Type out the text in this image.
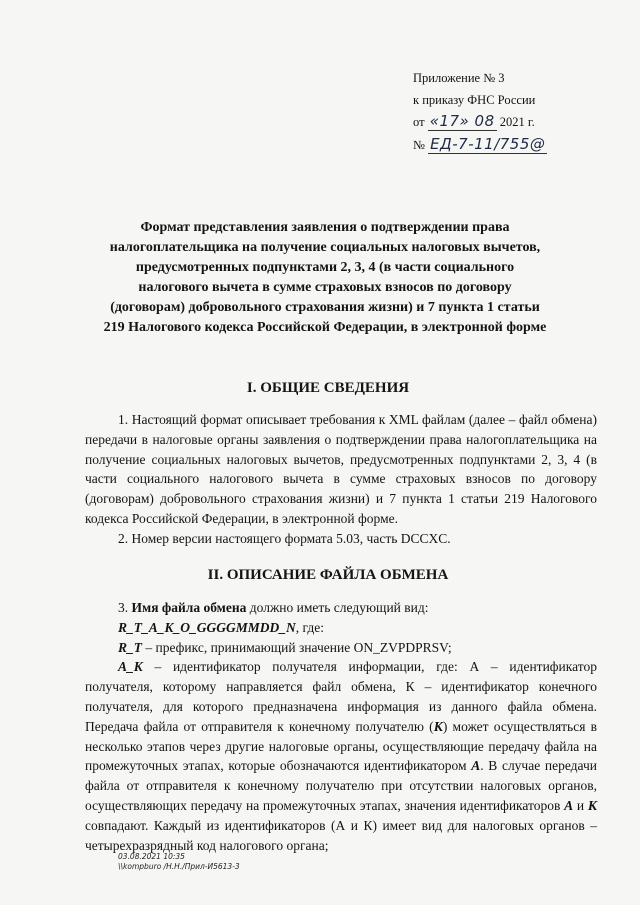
Приложение № 3
к приказу ФНС России
от «17» 08 2021 г.
№ ЕД-7-11/755@
Формат представления заявления о подтверждении права налогоплательщика на получение социальных налоговых вычетов, предусмотренных подпунктами 2, 3, 4 (в части социального налогового вычета в сумме страховых взносов по договору (договорам) добровольного страхования жизни) и 7 пункта 1 статьи 219 Налогового кодекса Российской Федерации, в электронной форме
I. ОБЩИЕ СВЕДЕНИЯ

1. Настоящий формат описывает требования к XML файлам (далее – файл обмена) передачи в налоговые органы заявления о подтверждении права налогоплательщика на получение социальных налоговых вычетов, предусмотренных подпунктами 2, 3, 4 (в части социального налогового вычета в сумме страховых взносов по договору (договорам) добровольного страхования жизни) и 7 пункта 1 статьи 219 Налогового кодекса Российской Федерации, в электронной форме.

2. Номер версии настоящего формата 5.03, часть DCCXC.

II. ОПИСАНИЕ ФАЙЛА ОБМЕНА

3. Имя файла обмена должно иметь следующий вид:

R_T_A_K_O_GGGGMMDD_N, где:

R_T – префикс, принимающий значение ON_ZVPDPRSV;

A_K – идентификатор получателя информации, где: А – идентификатор получателя, которому направляется файл обмена, К – идентификатор конечного получателя, для которого предназначена информация из данного файла обмена. Передача файла от отправителя к конечному получателю (К) может осуществляться в несколько этапов через другие налоговые органы, осуществляющие передачу файла на промежуточных этапах, которые обозначаются идентификатором А. В случае передачи файла от отправителя к конечному получателю при отсутствии налоговых органов, осуществляющих передачу на промежуточных этапах, значения идентификаторов А и К совпадают. Каждый из идентификаторов (А и К) имеет вид для налоговых органов – четырехразрядный код налогового органа;

03.08.2021 10:35
\\kompburo /Н.Н./Прил-И5613-3
